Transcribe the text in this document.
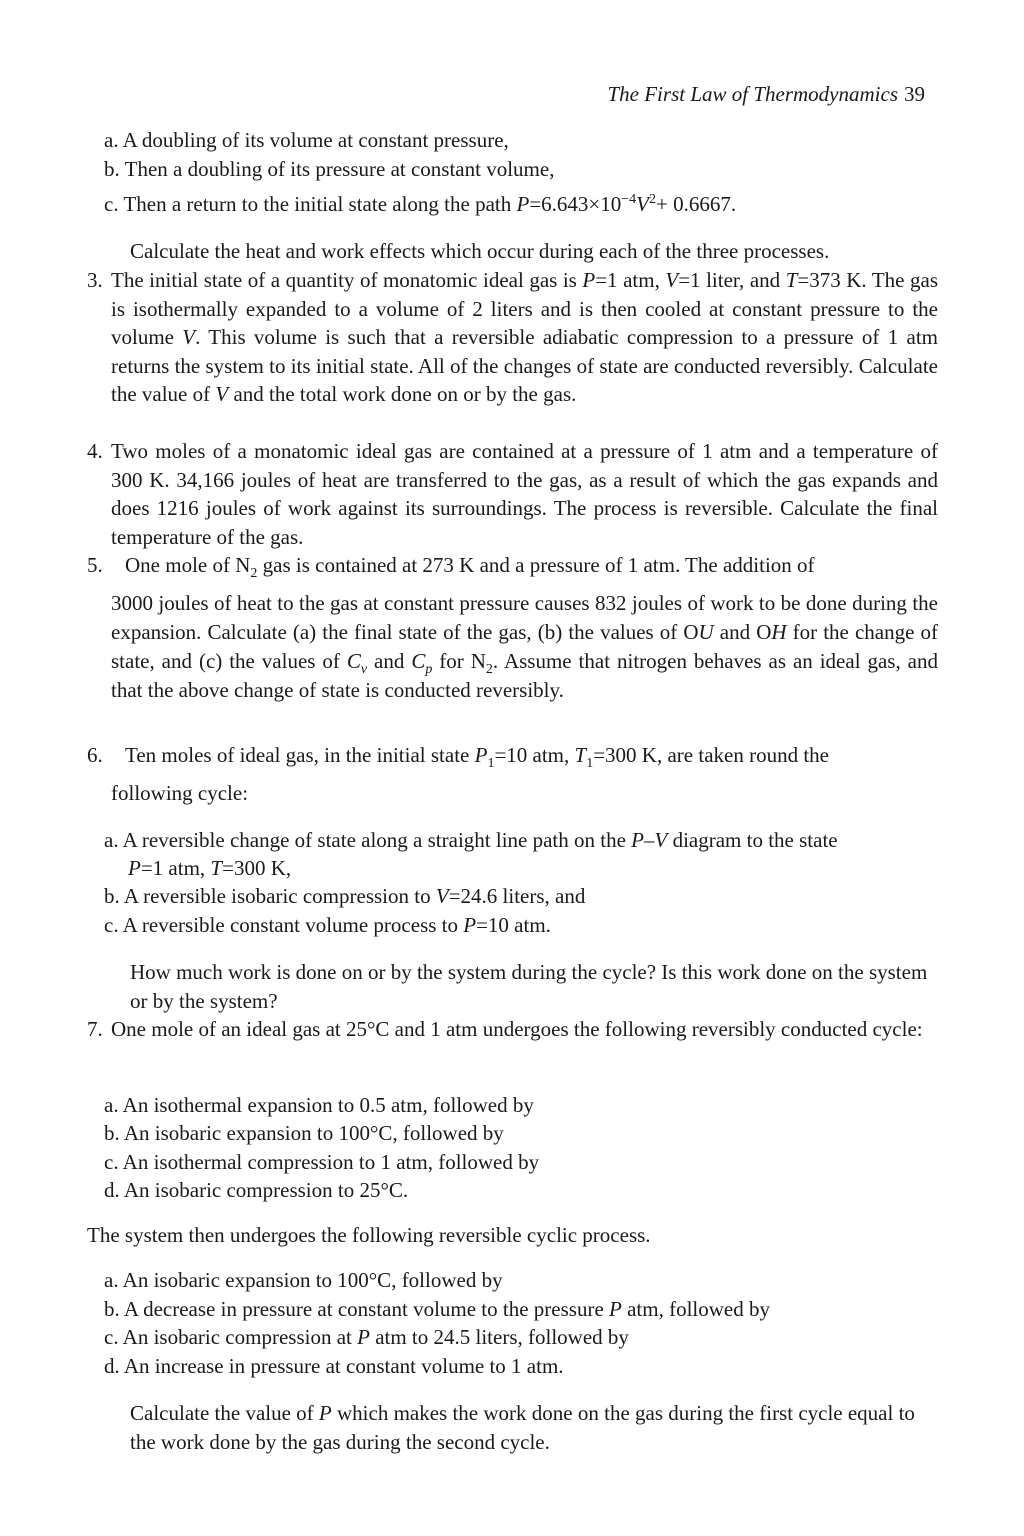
The First Law of Thermodynamics 39
a. A doubling of its volume at constant pressure,
b. Then a doubling of its pressure at constant volume,
c. Then a return to the initial state along the path $P=6.643\times 10^{-4}V^2+ 0.6667$.
Calculate the heat and work effects which occur during each of the three processes.
3. The initial state of a quantity of monatomic ideal gas is P=1 atm, V=1 liter, and T=373 K. The gas is isothermally expanded to a volume of 2 liters and is then cooled at constant pressure to the volume V. This volume is such that a reversible adiabatic compression to a pressure of 1 atm returns the system to its initial state. All of the changes of state are conducted reversibly. Calculate the value of V and the total work done on or by the gas.
4. Two moles of a monatomic ideal gas are contained at a pressure of 1 atm and a temperature of 300 K. 34,166 joules of heat are transferred to the gas, as a result of which the gas expands and does 1216 joules of work against its surroundings. The process is reversible. Calculate the final temperature of the gas.
5. One mole of $N_2$ gas is contained at 273 K and a pressure of 1 atm. The addition of
3000 joules of heat to the gas at constant pressure causes 832 joules of work to be done during the expansion. Calculate (a) the final state of the gas, (b) the values of OU and OH for the change of state, and (c) the values of $C_v$ and $C_p$ for $N_2$. Assume that nitrogen behaves as an ideal gas, and that the above change of state is conducted reversibly.
6. Ten moles of ideal gas, in the initial state $P_1=10$ atm, $T_1=300$ K, are taken round the
following cycle:
a. A reversible change of state along a straight line path on the P–V diagram to the state
P=1 atm, T=300 K,
b. A reversible isobaric compression to V=24.6 liters, and
c. A reversible constant volume process to P=10 atm.
How much work is done on or by the system during the cycle? Is this work done on the system or by the system?
7. One mole of an ideal gas at 25°C and 1 atm undergoes the following reversibly conducted cycle:
a. An isothermal expansion to 0.5 atm, followed by
b. An isobaric expansion to 100°C, followed by
c. An isothermal compression to 1 atm, followed by
d. An isobaric compression to 25°C.
The system then undergoes the following reversible cyclic process.
a. An isobaric expansion to 100°C, followed by
b. A decrease in pressure at constant volume to the pressure P atm, followed by
c. An isobaric compression at P atm to 24.5 liters, followed by
d. An increase in pressure at constant volume to 1 atm.
Calculate the value of P which makes the work done on the gas during the first cycle equal to the work done by the gas during the second cycle.
